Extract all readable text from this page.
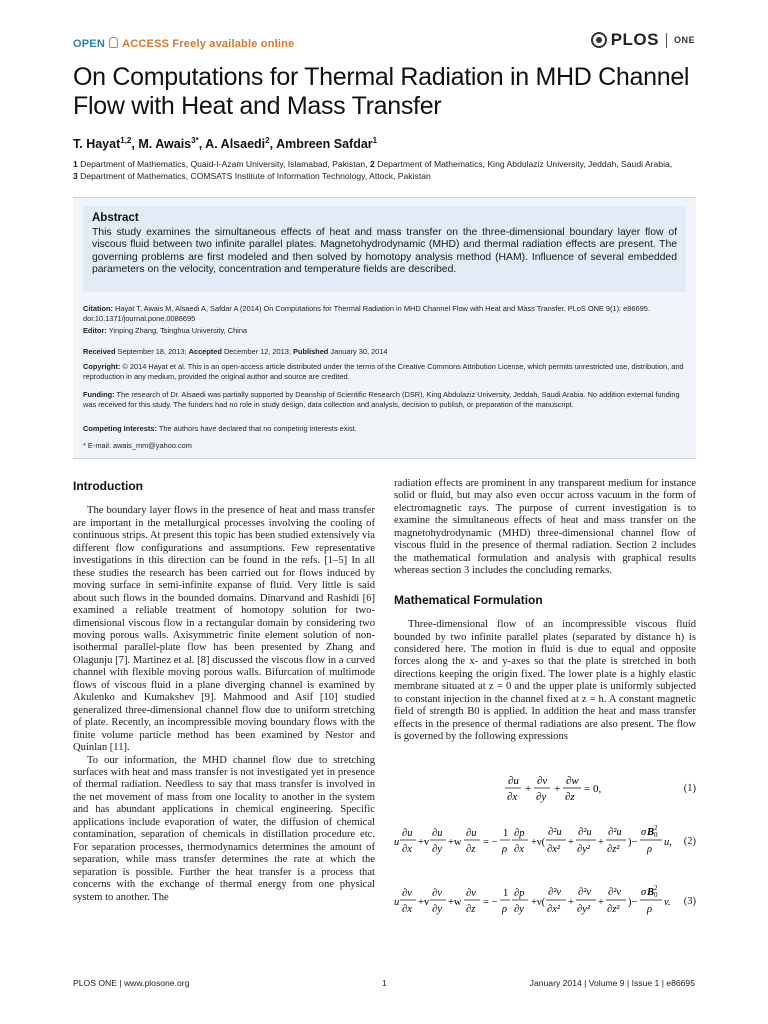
OPEN ACCESS Freely available online	PLOS ONE
On Computations for Thermal Radiation in MHD Channel Flow with Heat and Mass Transfer
T. Hayat$^{1,2}$, M. Awais$^{3*}$, A. Alsaedi$^2$, Ambreen Safdar$^1$
1 Department of Mathematics, Quaid-I-Azam University, Islamabad, Pakistan, 2 Department of Mathematics, King Abdulaziz University, Jeddah, Saudi Arabia, 3 Department of Mathematics, COMSATS Institute of Information Technology, Attock, Pakistan
Abstract

This study examines the simultaneous effects of heat and mass transfer on the three-dimensional boundary layer flow of viscous fluid between two infinite parallel plates. Magnetohydrodynamic (MHD) and thermal radiation effects are present. The governing problems are first modeled and then solved by homotopy analysis method (HAM). Influence of several embedded parameters on the velocity, concentration and temperature fields are described.

Citation: Hayat T, Awais M, Alsaedi A, Safdar A (2014) On Computations for Thermal Radiation in MHD Channel Flow with Heat and Mass Transfer. PLoS ONE 9(1): e86695. doi:10.1371/journal.pone.0086695

Editor: Yinping Zhang, Tsinghua University, China

Received September 18, 2013; Accepted December 12, 2013; Published January 30, 2014

Copyright: © 2014 Hayat et al. This is an open-access article distributed under the terms of the Creative Commons Attribution License, which permits unrestricted use, distribution, and reproduction in any medium, provided the original author and source are credited.

Funding: The research of Dr. Alsaedi was partially supported by Deanship of Scientific Research (DSR), King Abdulaziz University, Jeddah, Saudi Arabia. No addition external funding was received for this study. The funders had no role in study design, data collection and analysis, decision to publish, or preparation of the manuscript.

Competing Interests: The authors have declared that no competing interests exist.

* E-mail: awais_mm@yahoo.com

Introduction

The boundary layer flows in the presence of heat and mass transfer are important in the metallurgical processes involving the cooling of continuous strips. At present this topic has been studied extensively via different flow configurations and assumptions. Few representative investigations in this direction can be found in the refs. [1–5] In all these studies the research has been carried out for flows induced by moving surface in semi-infinite expanse of fluid. Very little is said about such flows in the bounded domains. Dinarvand and Rashidi [6] examined a reliable treatment of homotopy solution for two-dimensional viscous flow in a rectangular domain by considering two moving porous walls. Axisymmetric finite element solution of non-isothermal parallel-plate flow has been presented by Zhang and Olagunju [7]. Martinez et al. [8] discussed the viscous flow in a curved channel with flexible moving porous walls. Bifurcation of multimode flows of viscous fluid in a plane diverging channel is examined by Akulenko and Kumakshev [9]. Mahmood and Asif [10] studied generalized three-dimensional channel flow due to uniform stretching of plate. Recently, an incompressible moving boundary flows with the finite volume particle method has been examined by Nestor and Quinlan [11].

To our information, the MHD channel flow due to stretching surfaces with heat and mass transfer is not investigated yet in presence of thermal radiation. Needless to say that mass transfer is involved in the net movement of mass from one locality to another in the system and has abundant applications in chemical engineering. Specific applications include evaporation of water, the diffusion of chemical contamination, separation of chemicals in distillation procedure etc. For separation processes, thermodynamics determines the amount of separation, while mass transfer determines the rate at which the separation is possible. Further the heat transfer is a process that concerns with the exchange of thermal energy from one physical system to another. The

radiation effects are prominent in any transparent medium for instance solid or fluid, but may also even occur across vacuum in the form of electromagnetic rays. The purpose of current investigation is to examine the simultaneous effects of heat and mass transfer on the magnetohydrodynamic (MHD) three-dimensional channel flow of viscous fluid in the presence of thermal radiation. Section 2 includes the mathematical formulation and analysis with graphical results whereas section 3 includes the concluding remarks.

Mathematical Formulation

Three-dimensional flow of an incompressible viscous fluid bounded by two infinite parallel plates (separated by distance h) is considered here. The motion in fluid is due to equal and opposite forces along the x- and y-axes so that the plate is stretched in both directions keeping the origin fixed. The lower plate is a highly elastic membrane situated at z = 0 and the upper plate is uniformly subjected to constant injection in the channel fixed at z = h. A constant magnetic field of strength B0 is applied. In addition the heat and mass transfer effects in the presence of thermal radiations are also present. The flow is governed by the following expressions

∂u
∂x
+
∂v
∂y
+
∂w
∂z
= 0,	(1)
u
∂u
∂x
+v
∂u
∂y
+w
∂u
∂z
= −
1
ρ
∂p
∂x
+ν(
∂²u
∂x²
+
∂²u
∂y²
+
∂²u
∂z²
)−
σ B 2
0
ρ
u, (2)
u
∂v
∂x
+v
∂v
∂y
+w
∂v
∂z
= −
1
ρ
∂p
∂y
+ν(
∂²v
∂x²
+
∂²v
∂y²
+
∂²v
∂z²
)−
σ B 2
0
ρ
v. (3)
PLOS ONE | www.plosone.org	1	January 2014 | Volume 9 | Issue 1 | e86695
